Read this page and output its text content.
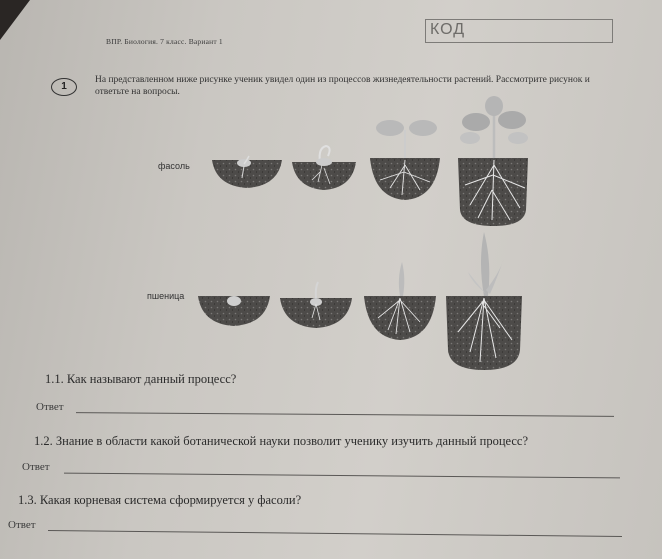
ВПР. Биология. 7 класс. Вариант 1
КОД
1
На представленном ниже рисунке ученик увидел один из процессов жизнедеятельности растений. Рассмотрите рисунок и ответьте на вопросы.
фасоль
пшеница
1.1. Как называют данный процесс?
Ответ
1.2. Знание в области какой ботанической науки позволит ученику изучить данный процесс?
Ответ
1.3. Какая корневая система сформируется у фасоли?
Ответ
